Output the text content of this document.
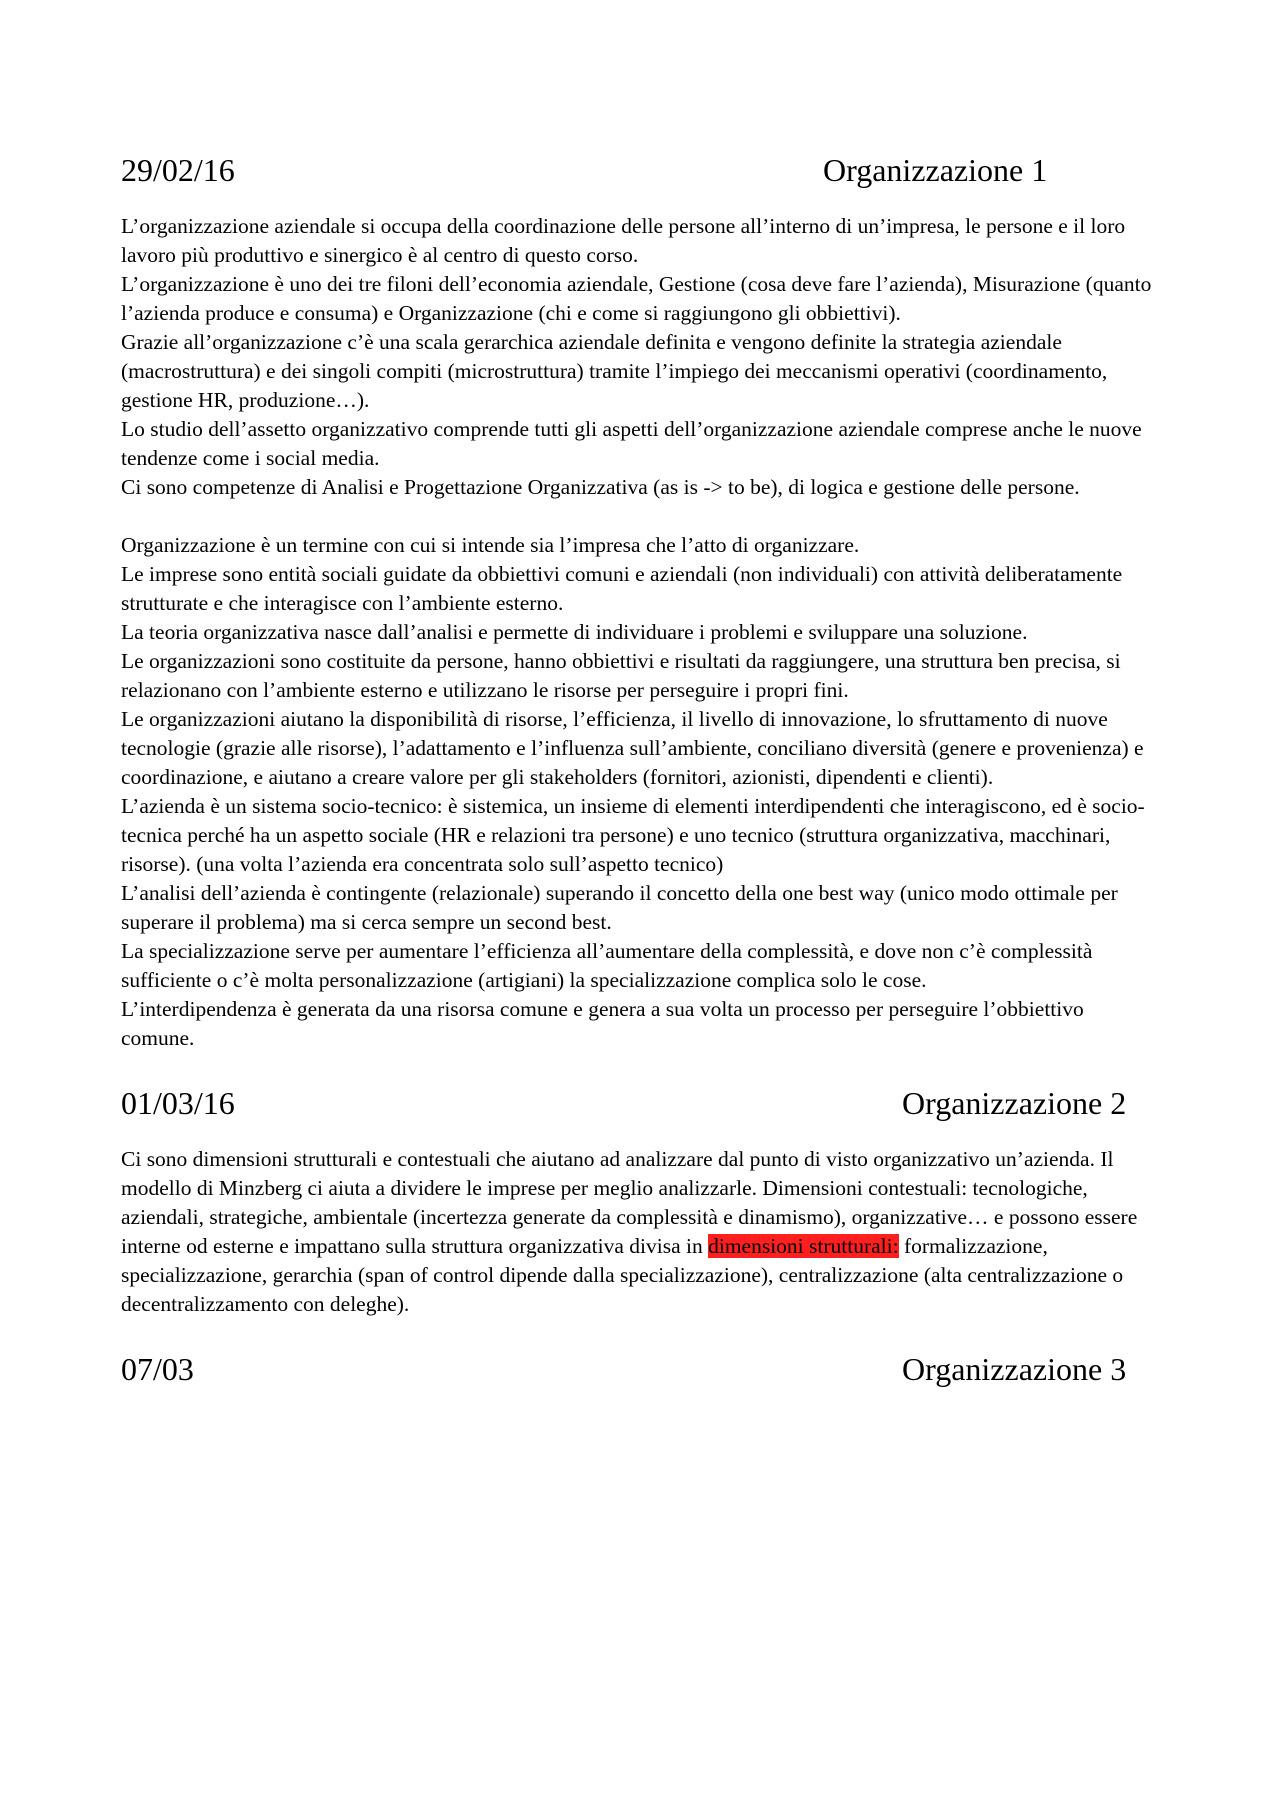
29/02/16	Organizzazione 1

L’organizzazione aziendale si occupa della coordinazione delle persone all’interno di un’impresa, le persone e il loro lavoro più produttivo e sinergico è al centro di questo corso.

L’organizzazione è uno dei tre filoni dell’economia aziendale, Gestione (cosa deve fare l’azienda), Misurazione (quanto l’azienda produce e consuma) e Organizzazione (chi e come si raggiungono gli obbiettivi).

Grazie all’organizzazione c’è una scala gerarchica aziendale definita e vengono definite la strategia aziendale (macrostruttura) e dei singoli compiti (microstruttura) tramite l’impiego dei meccanismi operativi (coordinamento, gestione HR, produzione…).

Lo studio dell’assetto organizzativo comprende tutti gli aspetti dell’organizzazione aziendale comprese anche le nuove tendenze come i social media.

Ci sono competenze di Analisi e Progettazione Organizzativa (as is -> to be), di logica e gestione delle persone.

Organizzazione è un termine con cui si intende sia l’impresa che l’atto di organizzare.

Le imprese sono entità sociali guidate da obbiettivi comuni e aziendali (non individuali) con attività deliberatamente strutturate e che interagisce con l’ambiente esterno.

La teoria organizzativa nasce dall’analisi e permette di individuare i problemi e sviluppare una soluzione.

Le organizzazioni sono costituite da persone, hanno obbiettivi e risultati da raggiungere, una struttura ben precisa, si relazionano con l’ambiente esterno e utilizzano le risorse per perseguire i propri fini.

Le organizzazioni aiutano la disponibilità di risorse, l’efficienza, il livello di innovazione, lo sfruttamento di nuove tecnologie (grazie alle risorse), l’adattamento e l’influenza sull’ambiente, conciliano diversità (genere e provenienza) e coordinazione, e aiutano a creare valore per gli stakeholders (fornitori, azionisti, dipendenti e clienti).

L’azienda è un sistema socio-tecnico: è sistemica, un insieme di elementi interdipendenti che interagiscono, ed è socio-tecnica perché ha un aspetto sociale (HR e relazioni tra persone) e uno tecnico (struttura organizzativa, macchinari, risorse). (una volta l’azienda era concentrata solo sull’aspetto tecnico)

L’analisi dell’azienda è contingente (relazionale) superando il concetto della one best way (unico modo ottimale per superare il problema) ma si cerca sempre un second best.

La specializzazione serve per aumentare l’efficienza all’aumentare della complessità, e dove non c’è complessità sufficiente o c’è molta personalizzazione (artigiani) la specializzazione complica solo le cose.

L’interdipendenza è generata da una risorsa comune e genera a sua volta un processo per perseguire l’obbiettivo comune.

01/03/16	Organizzazione 2

Ci sono dimensioni strutturali e contestuali che aiutano ad analizzare dal punto di visto organizzativo un’azienda. Il modello di Minzberg ci aiuta a dividere le imprese per meglio analizzarle. Dimensioni contestuali: tecnologiche, aziendali, strategiche, ambientale (incertezza generate da complessità e dinamismo), organizzative… e possono essere interne od esterne e impattano sulla struttura organizzativa divisa in dimensioni strutturali: formalizzazione, specializzazione, gerarchia (span of control dipende dalla specializzazione), centralizzazione (alta centralizzazione o decentralizzamento con deleghe).

07/03	Organizzazione 3
